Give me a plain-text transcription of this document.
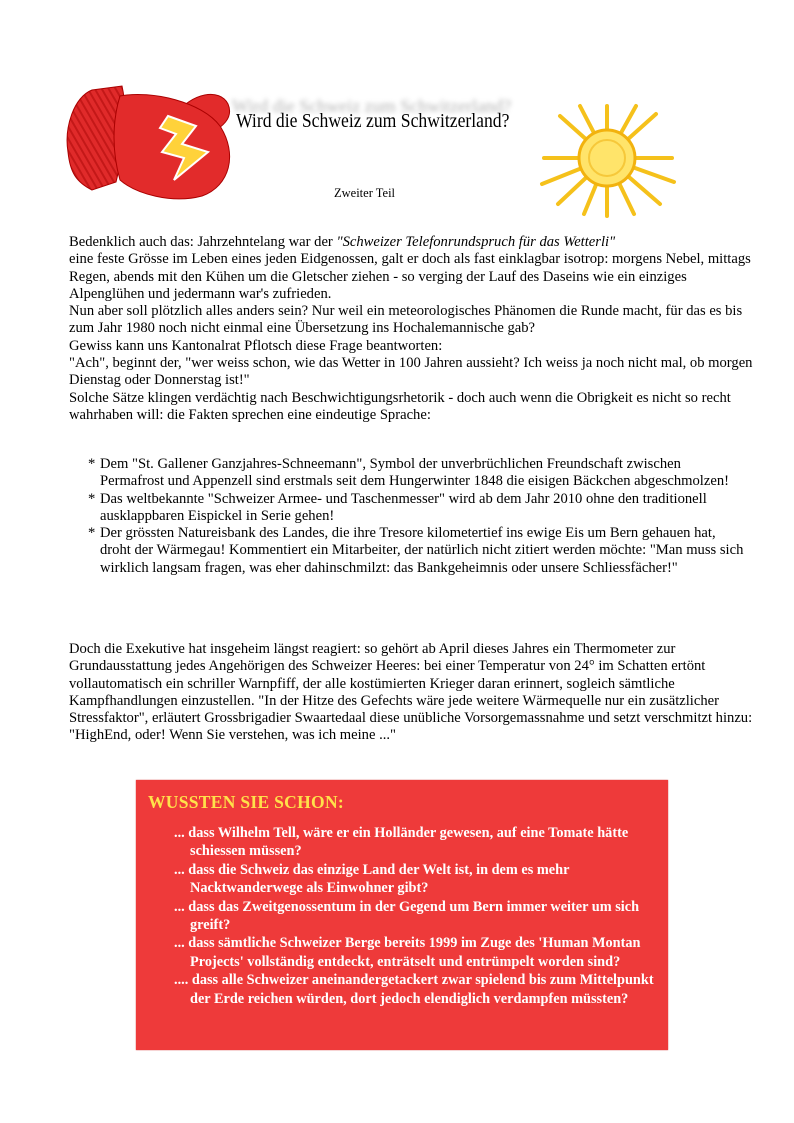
Wird die Schweiz zum Schwitzerland?
Wird die Schweiz zum Schwitzerland?
Zweiter Teil

Bedenklich auch das: Jahrzehntelang war der "Schweizer Telefonrundspruch für das Wetterli"
eine feste Grösse im Leben eines jeden Eidgenossen, galt er doch als fast einklagbar isotrop: morgens Nebel, mittags Regen, abends mit den Kühen um die Gletscher ziehen - so verging der Lauf des Daseins wie ein einziges Alpenglühen und jedermann war's zufrieden.

Nun aber soll plötzlich alles anders sein? Nur weil ein meteorologisches Phänomen die Runde macht, für das es bis zum Jahr 1980 noch nicht einmal eine Übersetzung ins Hochalemannische gab?

Gewiss kann uns Kantonalrat Pflotsch diese Frage beantworten:

"Ach", beginnt der, "wer weiss schon, wie das Wetter in 100 Jahren aussieht? Ich weiss ja noch nicht mal, ob morgen Dienstag oder Donnerstag ist!"

Solche Sätze klingen verdächtig nach Beschwichtigungsrhetorik - doch auch wenn die Obrigkeit es nicht so recht wahrhaben will: die Fakten sprechen eine eindeutige Sprache:

* Dem "St. Gallener Ganzjahres-Schneemann", Symbol der unverbrüchlichen Freundschaft zwischen Permafrost und Appenzell sind erstmals seit dem Hungerwinter 1848 die eisigen Bäckchen abgeschmolzen!
* Das weltbekannte "Schweizer Armee- und Taschenmesser" wird ab dem Jahr 2010 ohne den traditionell ausklappbaren Eispickel in Serie gehen!
* Der grössten Natureisbank des Landes, die ihre Tresore kilometertief ins ewige Eis um Bern gehauen hat, droht der Wärmegau! Kommentiert ein Mitarbeiter, der natürlich nicht zitiert werden möchte: "Man muss sich wirklich langsam fragen, was eher dahinschmilzt: das Bankgeheimnis oder unsere Schliessfächer!"

Doch die Exekutive hat insgeheim längst reagiert: so gehört ab April dieses Jahres ein Thermometer zur Grundausstattung jedes Angehörigen des Schweizer Heeres: bei einer Temperatur von 24° im Schatten ertönt vollautomatisch ein schriller Warnpfiff, der alle kostümierten Krieger daran erinnert, sogleich sämtliche Kampfhandlungen einzustellen. "In der Hitze des Gefechts wäre jede weitere Wärmequelle nur ein zusätzlicher Stressfaktor", erläutert Grossbrigadier Swaartedaal diese unübliche Vorsorgemassnahme und setzt verschmitzt hinzu: "HighEnd, oder! Wenn Sie verstehen, was ich meine ..."

WUSSTEN SIE SCHON:
... dass Wilhelm Tell, wäre er ein Holländer gewesen, auf eine Tomate hätte schiessen müssen?
... dass die Schweiz das einzige Land der Welt ist, in dem es mehr Nacktwanderwege als Einwohner gibt?
... dass das Zweitgenossentum in der Gegend um Bern immer weiter um sich greift?
... dass sämtliche Schweizer Berge bereits 1999 im Zuge des 'Human Montan Projects' vollständig entdeckt, enträtselt und entrümpelt worden sind?
.... dass alle Schweizer aneinandergetackert zwar spielend bis zum Mittelpunkt der Erde reichen würden, dort jedoch elendiglich verdampfen müssten?
